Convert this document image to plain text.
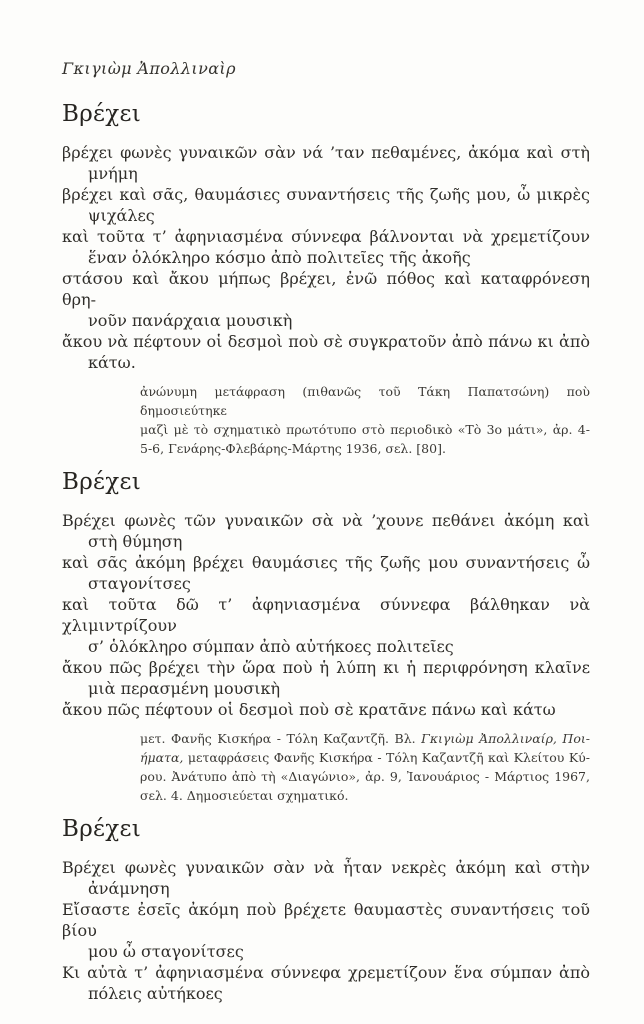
Γκιγιὼμ Ἀπολλιναὶρ
Βρέχει
βρέχει φωνὲς γυναικῶν σὰν νά ’ταν πεθαμένες, ἀκόμα καὶ στὴ
μνήμη
βρέχει καὶ σᾶς, θαυμάσιες συναντήσεις τῆς ζωῆς μου, ὦ μικρὲς
ψιχάλες
καὶ τοῦτα τ’ ἀφηνιασμένα σύννεφα βάλνονται νὰ χρεμετίζουν
ἕναν ὁλόκληρο κόσμο ἀπὸ πολιτεῖες τῆς ἀκοῆς
στάσου καὶ ἄκου μήπως βρέχει, ἐνῶ πόθος καὶ καταφρόνεση θρη-
νοῦν πανάρχαια μουσικὴ
ἄκου νὰ πέφτουν οἱ δεσμοὶ ποὺ σὲ συγκρατοῦν ἀπὸ πάνω κι ἀπὸ
κάτω.
ἀνώνυμη μετάφραση (πιθανῶς τοῦ Τάκη Παπατσώνη) ποὺ δημοσιεύτηκε
μαζὶ μὲ τὸ σχηματικὸ πρωτότυπο στὸ περιοδικὸ «Τὸ 3ο μάτι», ἀρ. 4-
5-6, Γενάρης-Φλεβάρης-Μάρτης 1936, σελ. [80].
Βρέχει
Βρέχει φωνὲς τῶν γυναικῶν σὰ νὰ ’χουνε πεθάνει ἀκόμη καὶ
στὴ θύμηση
καὶ σᾶς ἀκόμη βρέχει θαυμάσιες τῆς ζωῆς μου συναντήσεις ὦ
σταγονίτσες
καὶ τοῦτα δῶ τ’ ἀφηνιασμένα σύννεφα βάλθηκαν νὰ χλιμιντρίζουν
σ’ ὁλόκληρο σύμπαν ἀπὸ αὐτήκοες πολιτεῖες
ἄκου πῶς βρέχει τὴν ὥρα ποὺ ἡ λύπη κι ἡ περιφρόνηση κλαῖνε
μιὰ περασμένη μουσικὴ
ἄκου πῶς πέφτουν οἱ δεσμοὶ ποὺ σὲ κρατᾶνε πάνω καὶ κάτω
μετ. Φανῆς Κισκήρα - Τόλη Καζαντζῆ. Βλ. Γκιγιὼμ Ἀπολλιναίρ, Ποι-
ήματα, μεταφράσεις Φανῆς Κισκήρα - Τόλη Καζαντζῆ καὶ Κλείτου Κύ-
ρου. Ἀνάτυπο ἀπὸ τὴ «Διαγώνιο», ἀρ. 9, Ἰανουάριος - Μάρτιος 1967,
σελ. 4. Δημοσιεύεται σχηματικό.
Βρέχει
Βρέχει φωνὲς γυναικῶν σὰν νὰ ἦταν νεκρὲς ἀκόμη καὶ στὴν
ἀνάμνηση
Εἴσαστε ἐσεῖς ἀκόμη ποὺ βρέχετε θαυμαστὲς συναντήσεις τοῦ βίου
μου ὦ σταγονίτσες
Κι αὐτὰ τ’ ἀφηνιασμένα σύννεφα χρεμετίζουν ἕνα σύμπαν ἀπὸ
πόλεις αὐτήκοες
